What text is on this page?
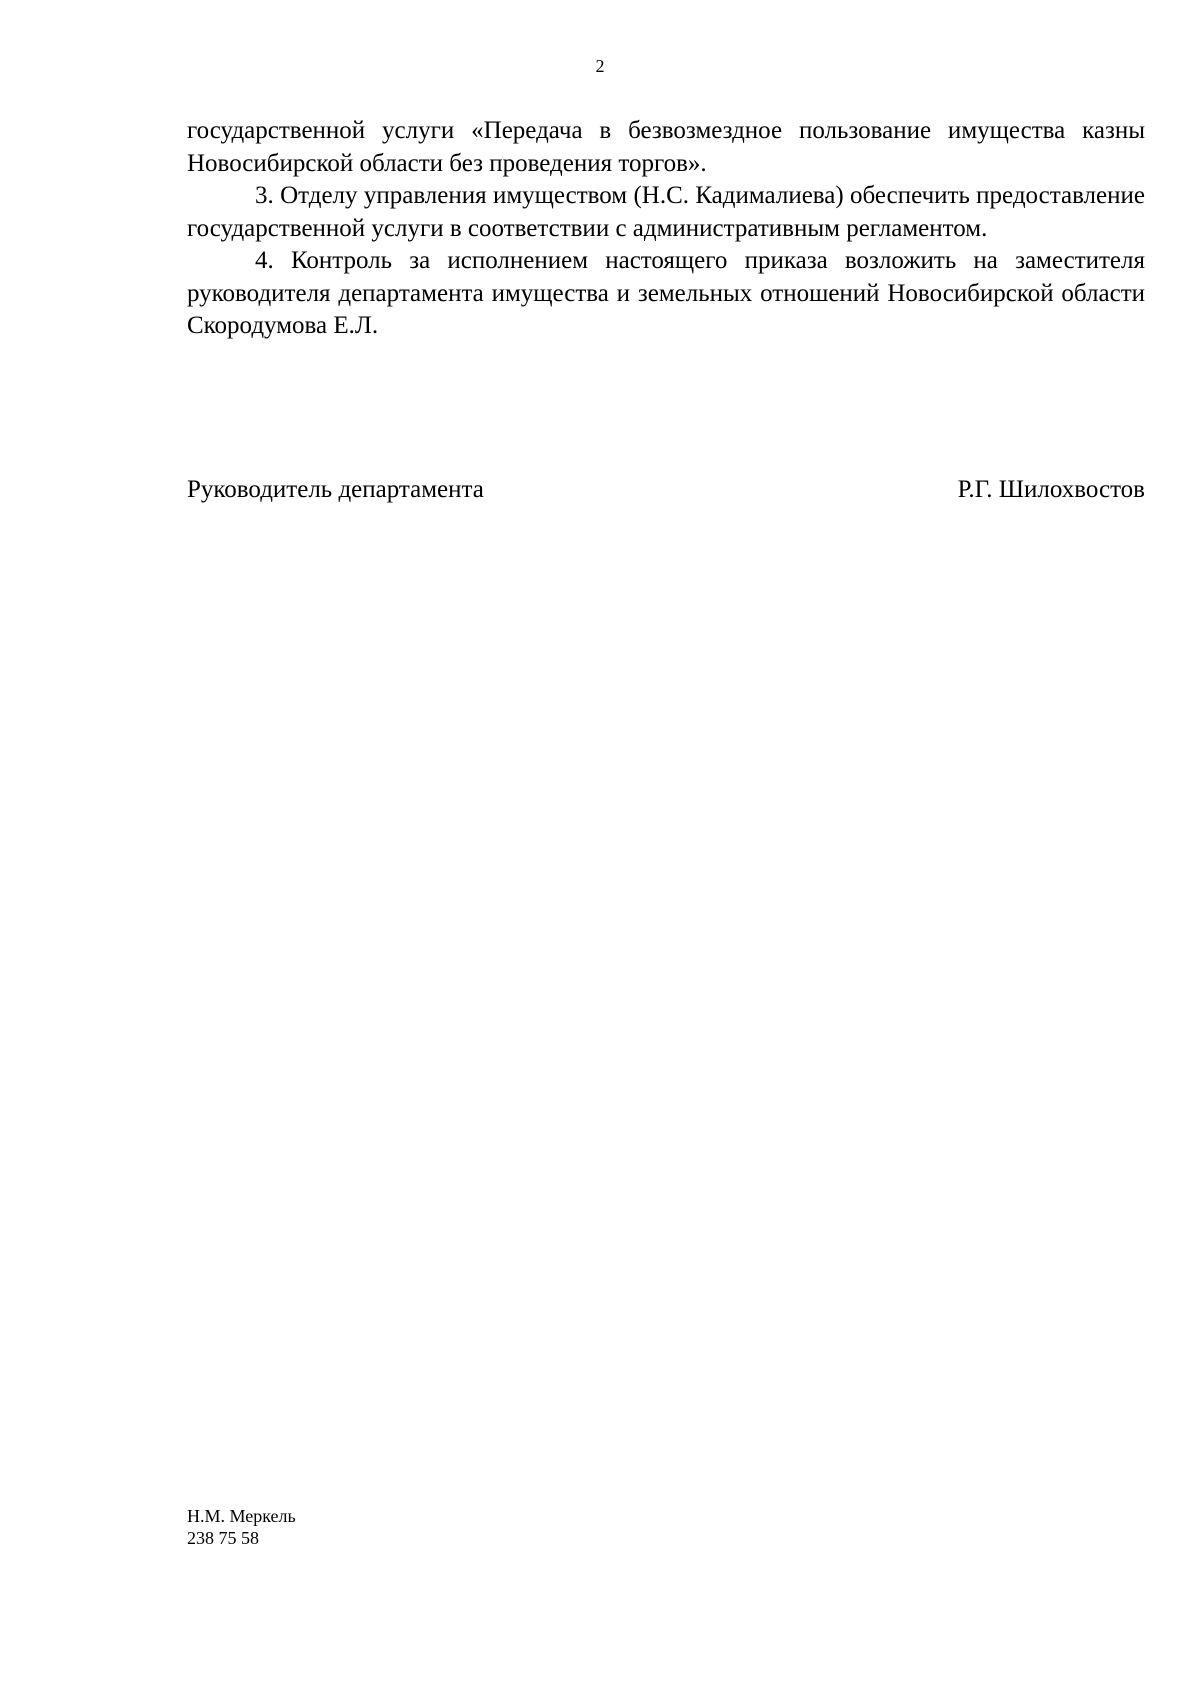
2

государственной услуги «Передача в безвозмездное пользование имущества казны Новосибирской области без проведения торгов».

3. Отделу управления имуществом (Н.С. Кадималиева) обеспечить предоставление государственной услуги в соответствии с административным регламентом.

4. Контроль за исполнением настоящего приказа возложить на заместителя руководителя департамента имущества и земельных отношений Новосибирской области Скородумова Е.Л.

Руководитель департамента	Р.Г. Шилохвостов
Н.М. Меркель
238 75 58
